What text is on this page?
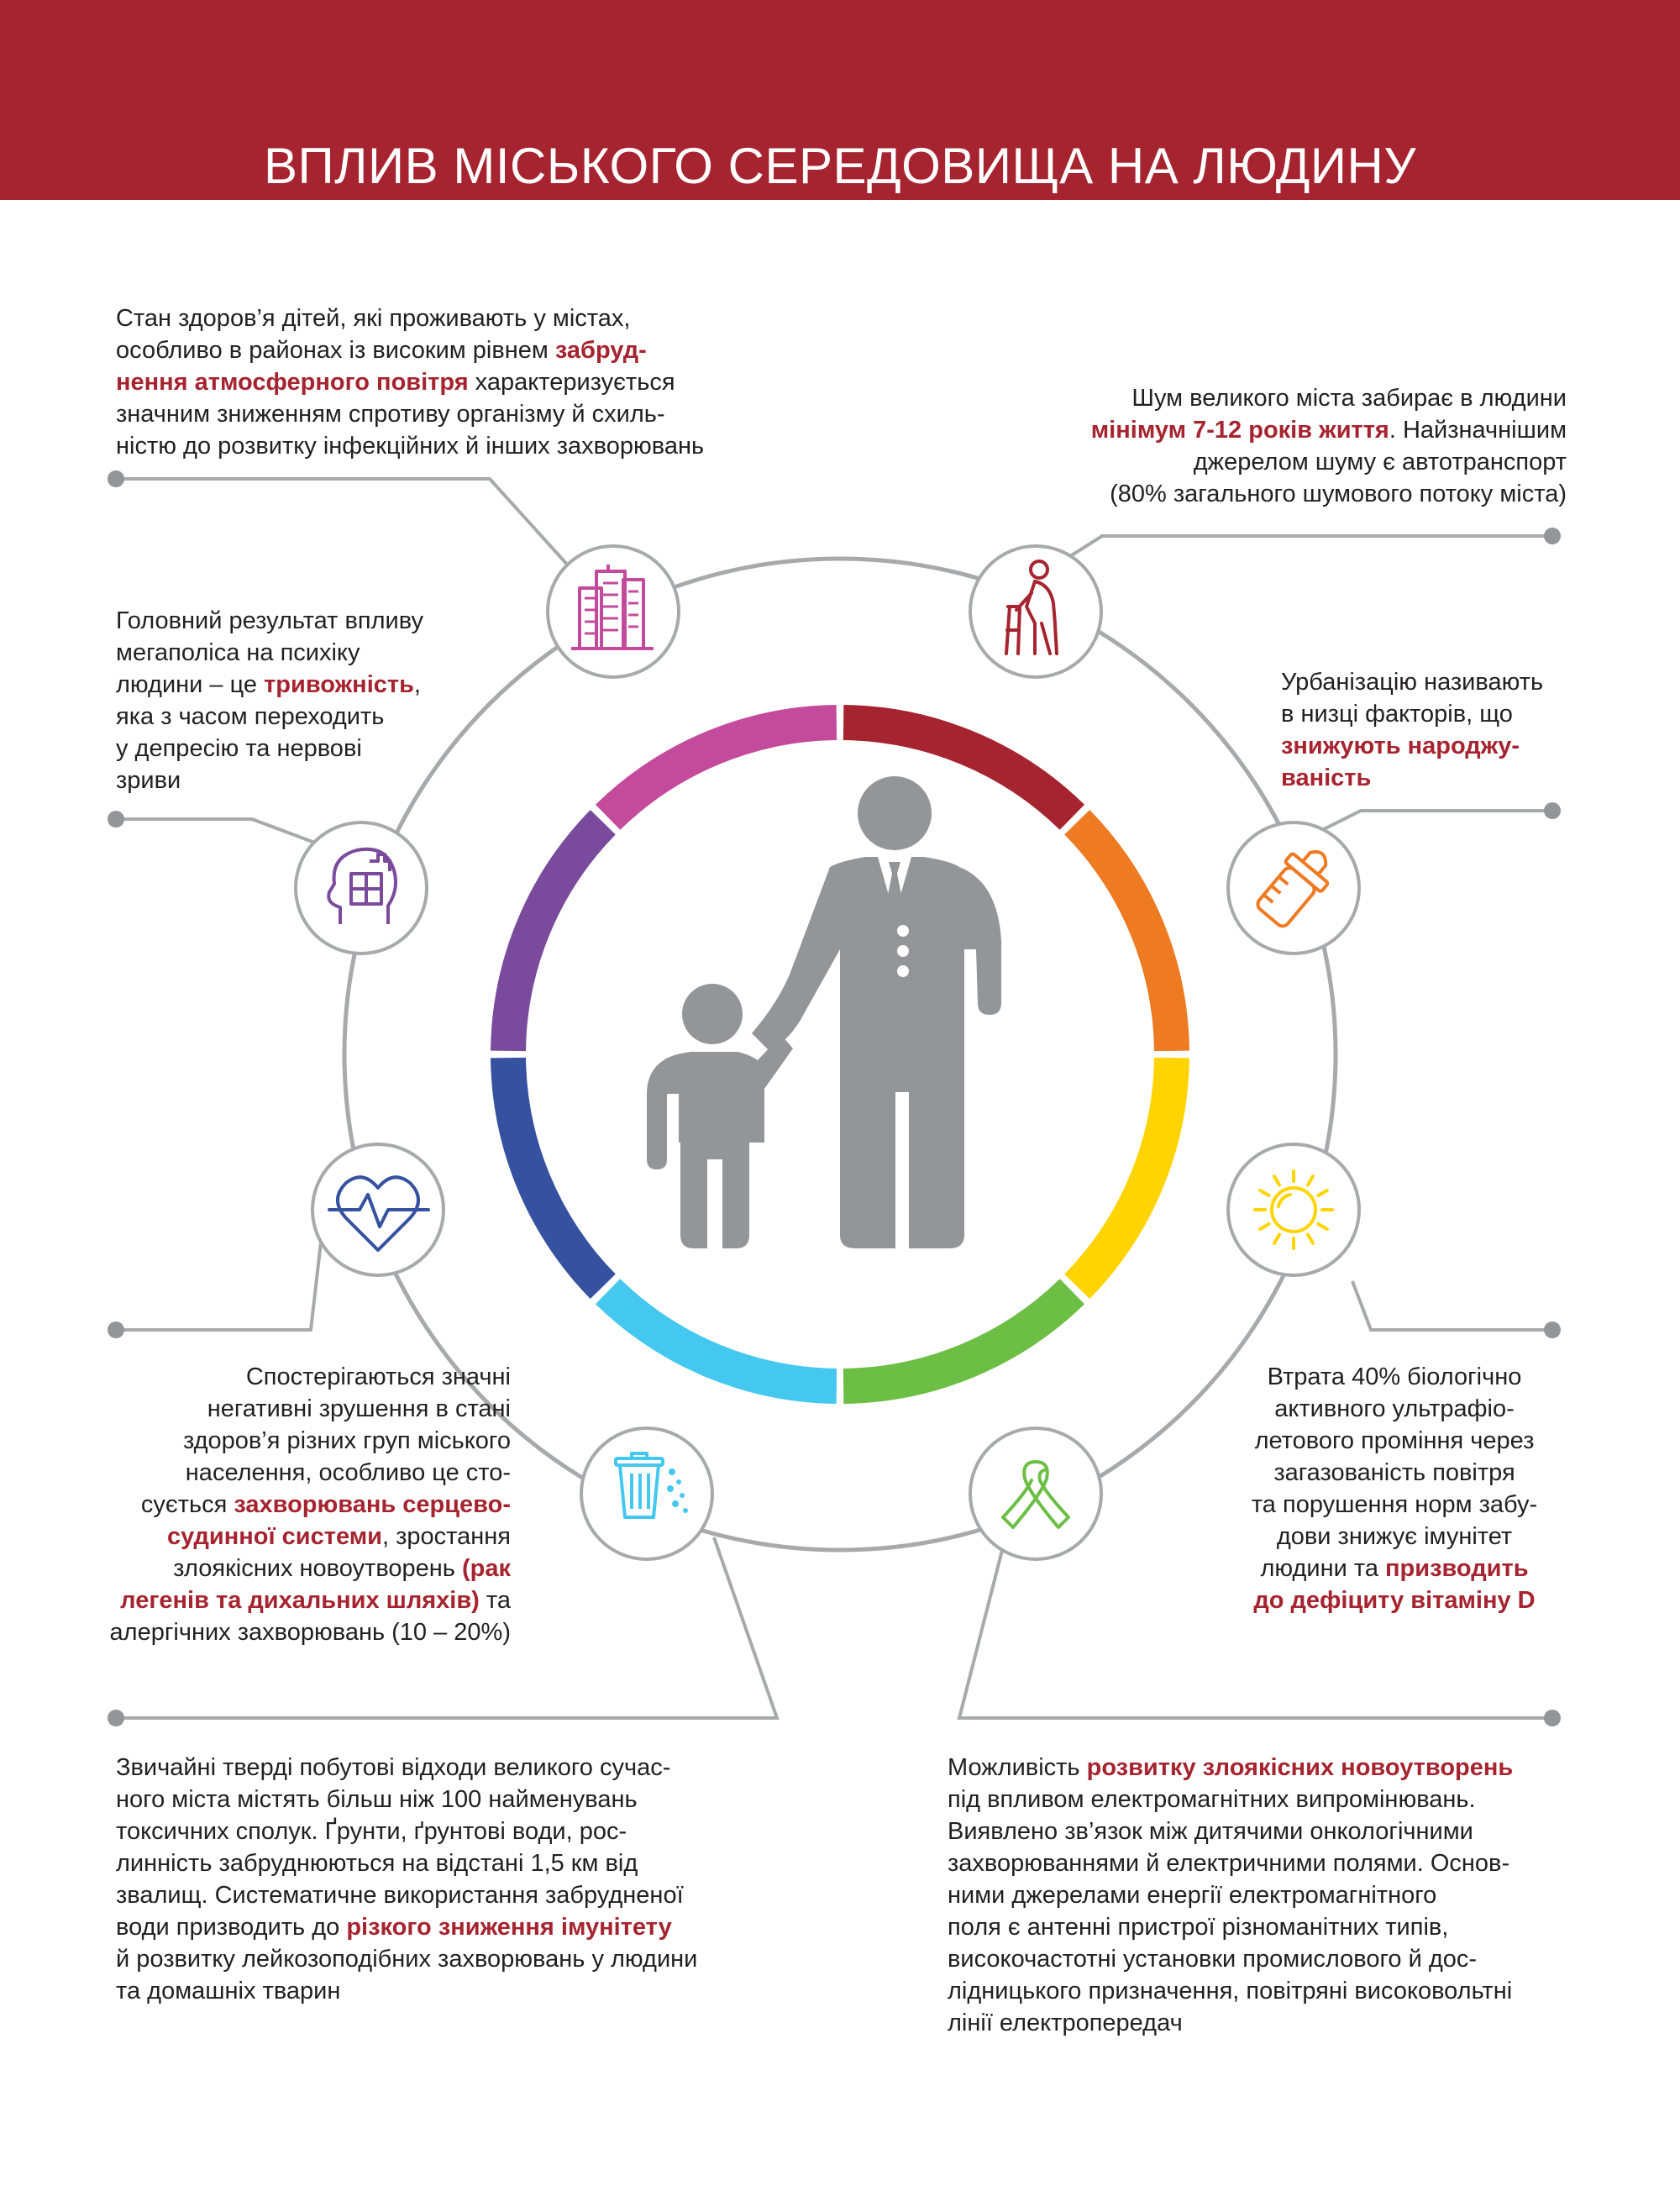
ВПЛИВ МІСЬКОГО СЕРЕДОВИЩА НА ЛЮДИНУ
Стан здоров’я дітей, які проживають у містах,
особливо в районах із високим рівнем забруд-
нення атмосферного повітря характеризується
значним зниженням спротиву організму й схиль-
ністю до розвитку інфекційних й інших захворювань
Шум великого міста забирає в людини
мінімум 7-12 років життя. Найзначнішим
джерелом шуму є автотранспорт
(80% загального шумового потоку міста)
Головний результат впливу
мегаполіса на психіку
людини – це тривожність,
яка з часом переходить
у депресію та нервові
зриви
Урбанізацію називають
в низці факторів, що
знижують народжу-
ваність
Спостерігаються значні
негативні зрушення в стані
здоров’я різних груп міського
населення, особливо це сто-
сується захворювань серцево-
судинної системи, зростання
злоякісних новоутворень (рак
легенів та дихальних шляхів) та
алергічних захворювань (10 – 20%)
Втрата 40% біологічно
активного ультрафіо-
летового проміння через
загазованість повітря
та порушення норм забу-
дови знижує імунітет
людини та призводить
до дефіциту вітаміну D
Звичайні тверді побутові відходи великого сучас-
ного міста містять більш ніж 100 найменувань
токсичних сполук. Ґрунти, ґрунтові води, рос-
линність забруднюються на відстані 1,5 км від
звалищ. Систематичне використання забрудненої
води призводить до різкого зниження імунітету
й розвитку лейкозоподібних захворювань у людини
та домашніх тварин
Можливість розвитку злоякісних новоутворень
під впливом електромагнітних випромінювань.
Виявлено зв’язок між дитячими онкологічними
захворюваннями й електричними полями. Основ-
ними джерелами енергії електромагнітного
поля є антенні пристрої різноманітних типів,
високочастотні установки промислового й дос-
лідницького призначення, повітряні високовольтні
лінії електропередач
